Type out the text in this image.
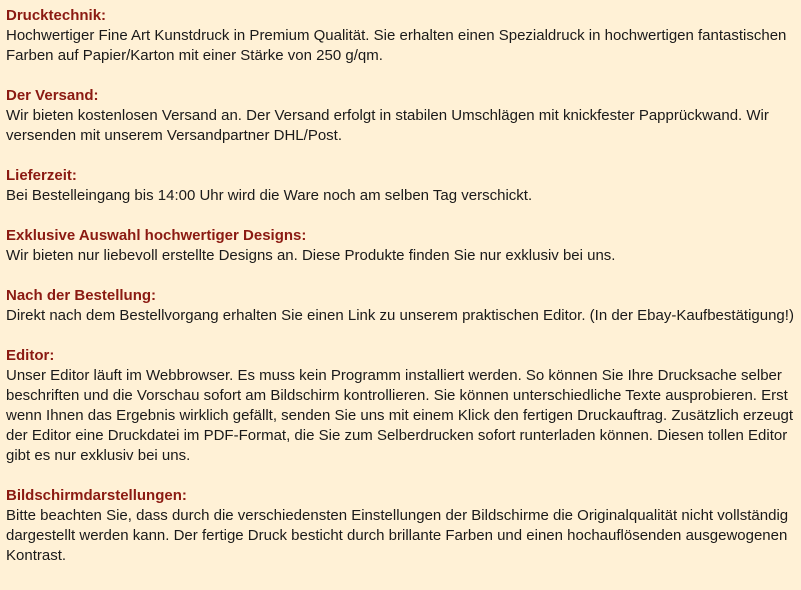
Drucktechnik:
Hochwertiger Fine Art Kunstdruck in Premium Qualität. Sie erhalten einen Spezialdruck in hochwertigen fantastischen Farben auf Papier/Karton mit einer Stärke von 250 g/qm.
Der Versand:
Wir bieten kostenlosen Versand an. Der Versand erfolgt in stabilen Umschlägen mit knickfester Papprückwand. Wir versenden mit unserem Versandpartner DHL/Post.
Lieferzeit:
Bei Bestelleingang bis 14:00 Uhr wird die Ware noch am selben Tag verschickt.
Exklusive Auswahl hochwertiger Designs:
Wir bieten nur liebevoll erstellte Designs an. Diese Produkte finden Sie nur exklusiv bei uns.
Nach der Bestellung:
Direkt nach dem Bestellvorgang erhalten Sie einen Link zu unserem praktischen Editor. (In der Ebay-Kaufbestätigung!)
Editor:
Unser Editor läuft im Webbrowser. Es muss kein Programm installiert werden. So können Sie Ihre Drucksache selber beschriften und die Vorschau sofort am Bildschirm kontrollieren. Sie können unterschiedliche Texte ausprobieren. Erst wenn Ihnen das Ergebnis wirklich gefällt, senden Sie uns mit einem Klick den fertigen Druckauftrag. Zusätzlich erzeugt der Editor eine Druckdatei im PDF-Format, die Sie zum Selberdrucken sofort runterladen können. Diesen tollen Editor gibt es nur exklusiv bei uns.
Bildschirmdarstellungen:
Bitte beachten Sie, dass durch die verschiedensten Einstellungen der Bildschirme die Originalqualität nicht vollständig dargestellt werden kann. Der fertige Druck besticht durch brillante Farben und einen hochauflösenden ausgewogenen Kontrast.
